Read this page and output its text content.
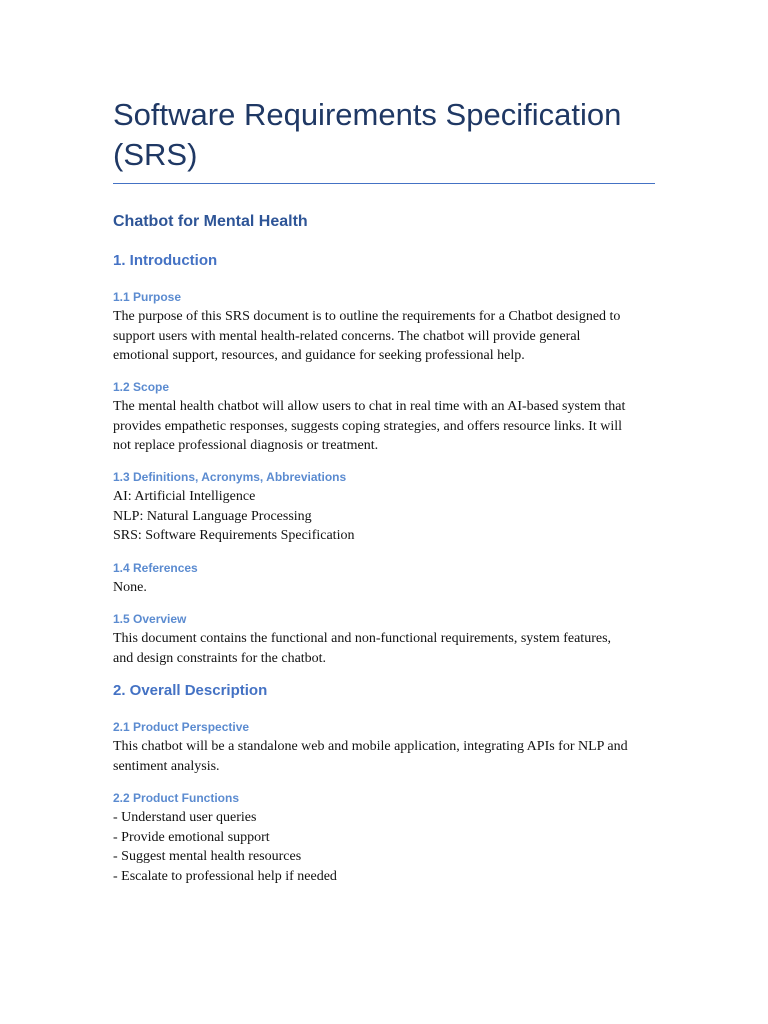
Software Requirements Specification
(SRS)
Chatbot for Mental Health
1. Introduction
1.1 Purpose

The purpose of this SRS document is to outline the requirements for a Chatbot designed to
support users with mental health-related concerns. The chatbot will provide general
emotional support, resources, and guidance for seeking professional help.

1.2 Scope

The mental health chatbot will allow users to chat in real time with an AI-based system that
provides empathetic responses, suggests coping strategies, and offers resource links. It will
not replace professional diagnosis or treatment.

1.3 Definitions, Acronyms, Abbreviations

AI: Artificial Intelligence
NLP: Natural Language Processing
SRS: Software Requirements Specification

1.4 References

None.

1.5 Overview

This document contains the functional and non-functional requirements, system features,
and design constraints for the chatbot.

2. Overall Description
2.1 Product Perspective

This chatbot will be a standalone web and mobile application, integrating APIs for NLP and
sentiment analysis.

2.2 Product Functions

- Understand user queries
- Provide emotional support
- Suggest mental health resources
- Escalate to professional help if needed
